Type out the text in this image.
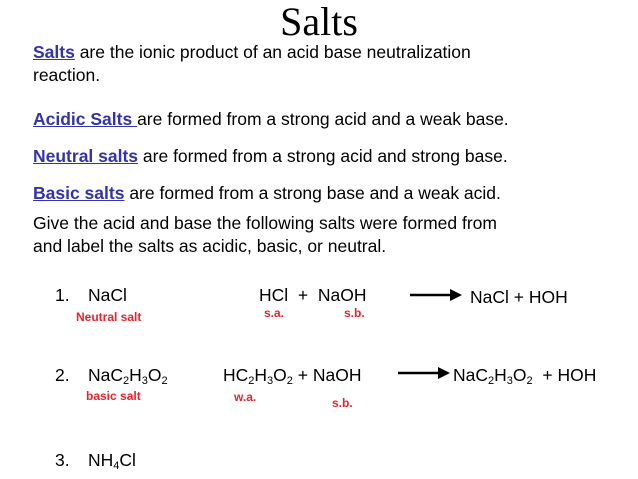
Salts
Salts are the ionic product of an acid base neutralization
reaction.
Acidic Salts are formed from a strong acid and a weak base.
Neutral salts are formed from a strong acid and strong base.
Basic salts are formed from a strong base and a weak acid.
Give the acid and base the following salts were formed from
and label the salts as acidic, basic, or neutral.
1. NaCl
Neutral salt
HCl  +  NaOH
s.a.	s.b.
→ NaCl + HOH
2. $NaC_2H_3O_2$
basic salt
$HC_2H_3O_2$ + NaOH
w.a.	s.b.
→ $NaC_2H_3O_2$  + HOH
3. $NH_4Cl$
